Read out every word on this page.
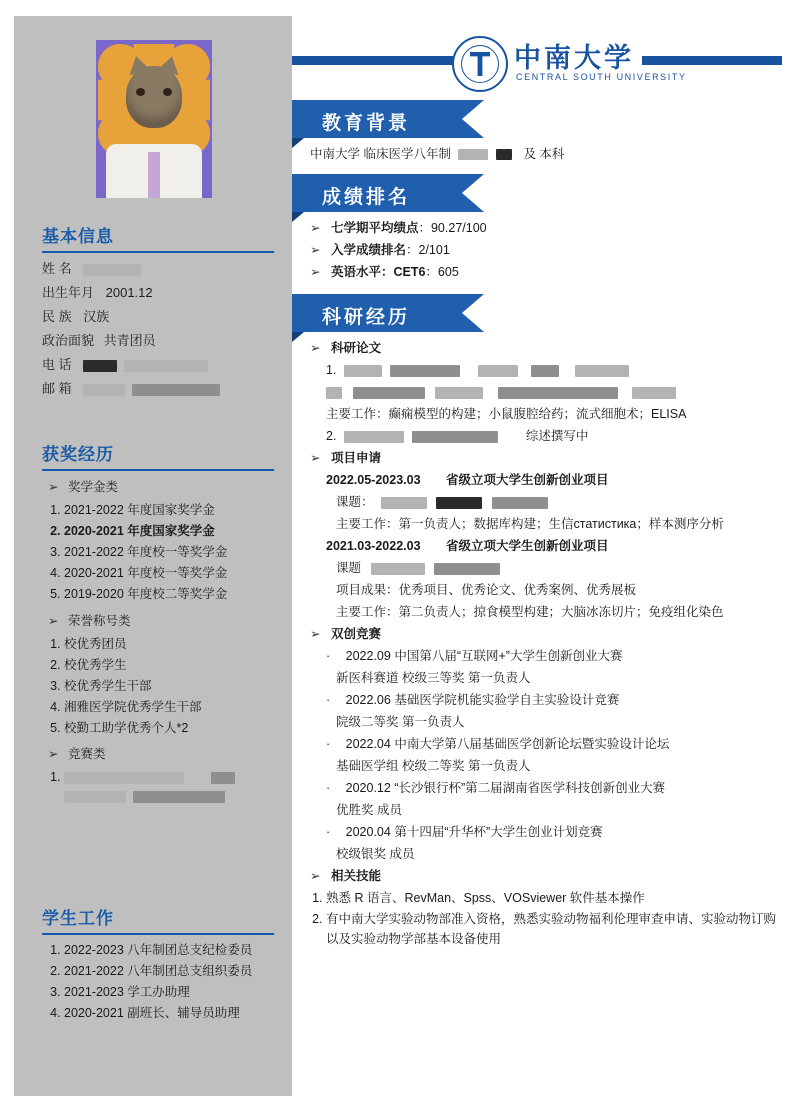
基本信息
姓 名
出生年月 2001.12
民 族 汉族
政治面貌 共青团员
电 话
邮 箱
获奖经历
➢ 奖学金类
1. 2021-2022 年度国家奖学金
2. 2020-2021 年度国家奖学金
3. 2021-2022 年度校一等奖学金
4. 2020-2021 年度校一等奖学金
5. 2019-2020 年度校二等奖学金
➢ 荣誉称号类
1. 校优秀团员
2. 校优秀学生
3. 校优秀学生干部
4. 湘雅医学院优秀学生干部
5. 校勤工助学优秀个人*2
➢ 竞赛类
1.

学生工作
1. 2022-2023 八年制团总支纪检委员
2. 2021-2022 八年制团总支组织委员
3. 2021-2023 学工办助理
4. 2020-2021 副班长、辅导员助理
中南大学
CENTRAL SOUTH UNIVERSITY
教育背景
中南大学 临床医学八年制	及 本科
成绩排名
➢ 七学期平均绩点：90.27/100
➢ 入学成绩排名：2/101
➢ 英语水平：CET6：605
科研经历
➢ 科研论文
1.

主要工作：癫痫模型的构建；小鼠腹腔给药；流式细胞术；ELISA
2.	综述撰写中
➢ 项目申请
2022.05-2023.03 省级立项大学生创新创业项目
课题：
主要工作：第一负责人；数据库构建；生信статистика；样本测序分析
2021.03-2022.03 省级立项大学生创新创业项目
课题
项目成果：优秀项目、优秀论文、优秀案例、优秀展板
主要工作：第二负责人；掠食模型构建；大脑冰冻切片；免疫组化染色
➢ 双创竞赛
· 2022.09 中国第八届“互联网+”大学生创新创业大赛
新医科赛道 校级三等奖 第一负责人
· 2022.06 基础医学院机能实验学自主实验设计竞赛
院级二等奖 第一负责人
· 2022.04 中南大学第八届基础医学创新论坛暨实验设计论坛
基础医学组 校级二等奖 第一负责人
· 2020.12 “长沙银行杯”第二届湖南省医学科技创新创业大赛
优胜奖 成员
· 2020.04 第十四届“升华杯”大学生创业计划竞赛
校级银奖 成员
➢ 相关技能
1. 熟悉 R 语言、RevMan、Spss、VOSviewer 软件基本操作
2. 有中南大学实验动物部准入资格，熟悉实验动物福利伦理审查申请、实验动物订购以及实验动物学部基本设备使用
